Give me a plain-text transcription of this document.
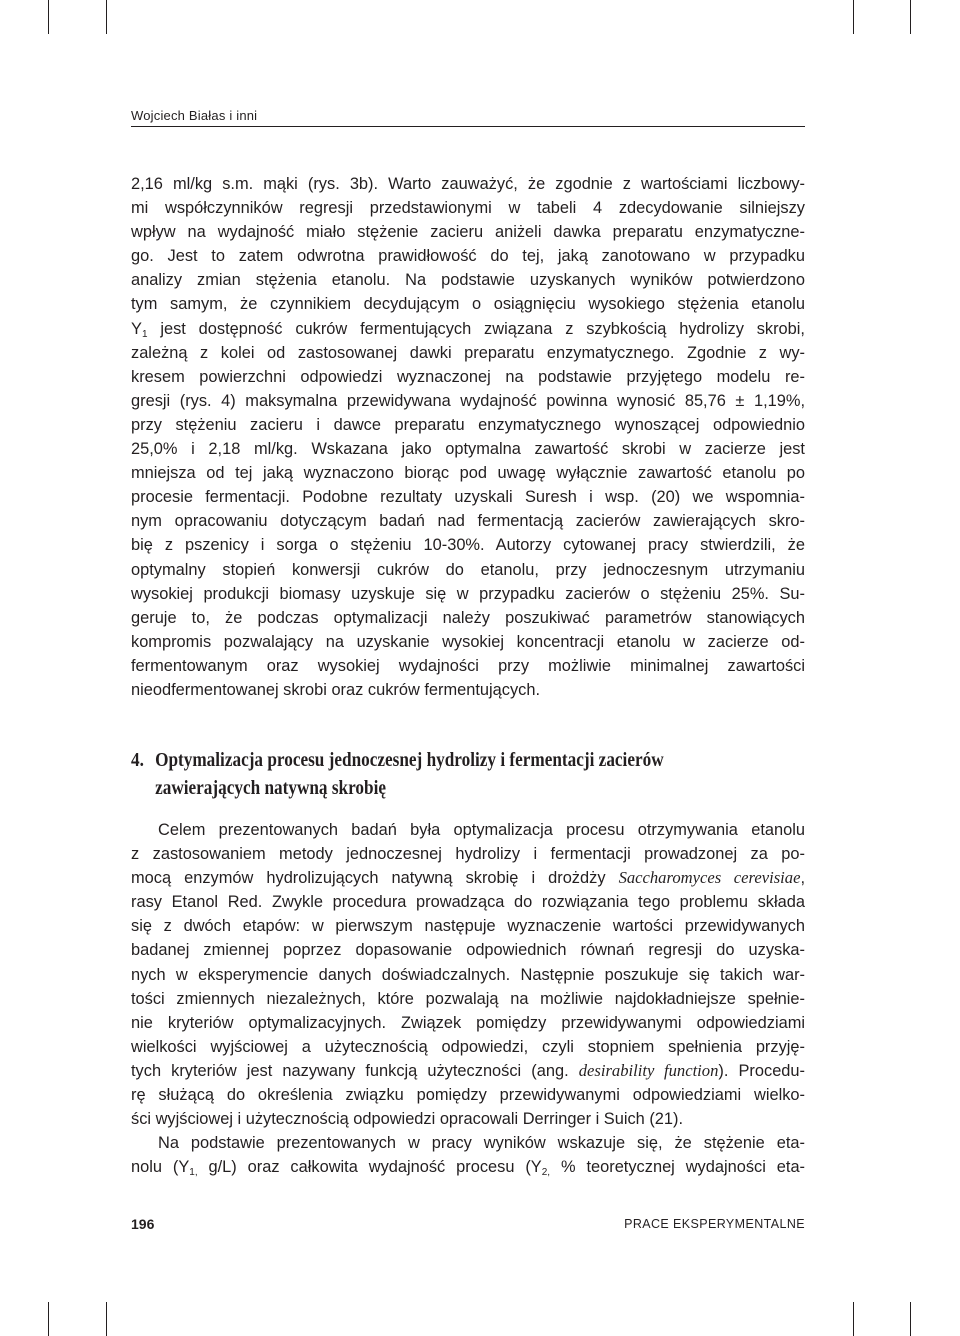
Wojciech Białas i inni
2,16 ml/kg s.m. mąki (rys. 3b). Warto zauważyć, że zgodnie z wartościami liczbowy-
mi współczynników regresji przedstawionymi w tabeli 4 zdecydowanie silniejszy
wpływ na wydajność miało stężenie zacieru aniżeli dawka preparatu enzymatyczne-
go. Jest to zatem odwrotna prawidłowość do tej, jaką zanotowano w przypadku
analizy zmian stężenia etanolu. Na podstawie uzyskanych wyników potwierdzono
tym samym, że czynnikiem decydującym o osiągnięciu wysokiego stężenia etanolu
$Y_1$ jest dostępność cukrów fermentujących związana z szybkością hydrolizy skrobi,
zależną z kolei od zastosowanej dawki preparatu enzymatycznego. Zgodnie z wy-
kresem powierzchni odpowiedzi wyznaczonej na podstawie przyjętego modelu re-
gresji (rys. 4) maksymalna przewidywana wydajność powinna wynosić 85,76 ± 1,19%,
przy stężeniu zacieru i dawce preparatu enzymatycznego wynoszącej odpowiednio
25,0% i 2,18 ml/kg. Wskazana jako optymalna zawartość skrobi w zacierze jest
mniejsza od tej jaką wyznaczono biorąc pod uwagę wyłącznie zawartość etanolu po
procesie fermentacji. Podobne rezultaty uzyskali Suresh i wsp. (20) we wspomnia-
nym opracowaniu dotyczącym badań nad fermentacją zacierów zawierających skro-
bię z pszenicy i sorga o stężeniu 10-30%. Autorzy cytowanej pracy stwierdzili, że
optymalny stopień konwersji cukrów do etanolu, przy jednoczesnym utrzymaniu
wysokiej produkcji biomasy uzyskuje się w przypadku zacierów o stężeniu 25%. Su-
geruje to, że podczas optymalizacji należy poszukiwać parametrów stanowiących
kompromis pozwalający na uzyskanie wysokiej koncentracji etanolu w zacierze od-
fermentowanym oraz wysokiej wydajności przy możliwie minimalnej zawartości
nieodfermentowanej skrobi oraz cukrów fermentujących.
4. Optymalizacja procesu jednoczesnej hydrolizy i fermentacji zacierów
zawierających natywną skrobię
Celem prezentowanych badań była optymalizacja procesu otrzymywania etanolu
z zastosowaniem metody jednoczesnej hydrolizy i fermentacji prowadzonej za po-
mocą enzymów hydrolizujących natywną skrobię i drożdży Saccharomyces cerevisiae,
rasy Etanol Red. Zwykle procedura prowadząca do rozwiązania tego problemu składa
się z dwóch etapów: w pierwszym następuje wyznaczenie wartości przewidywanych
badanej zmiennej poprzez dopasowanie odpowiednich równań regresji do uzyska-
nych w eksperymencie danych doświadczalnych. Następnie poszukuje się takich war-
tości zmiennych niezależnych, które pozwalają na możliwie najdokładniejsze spełnie-
nie kryteriów optymalizacyjnych. Związek pomiędzy przewidywanymi odpowiedziami
wielkości wyjściowej a użytecznością odpowiedzi, czyli stopniem spełnienia przyję-
tych kryteriów jest nazywany funkcją użyteczności (ang. desirability function). Procedu-
rę służącą do określenia związku pomiędzy przewidywanymi odpowiedziami wielko-
ści wyjściowej i użytecznością odpowiedzi opracowali Derringer i Suich (21).
Na podstawie prezentowanych w pracy wyników wskazuje się, że stężenie eta-
nolu ($Y_{1,}$ g/L) oraz całkowita wydajność procesu ($Y_{2,}$ % teoretycznej wydajności eta-
196	PRACE EKSPERYMENTALNE
